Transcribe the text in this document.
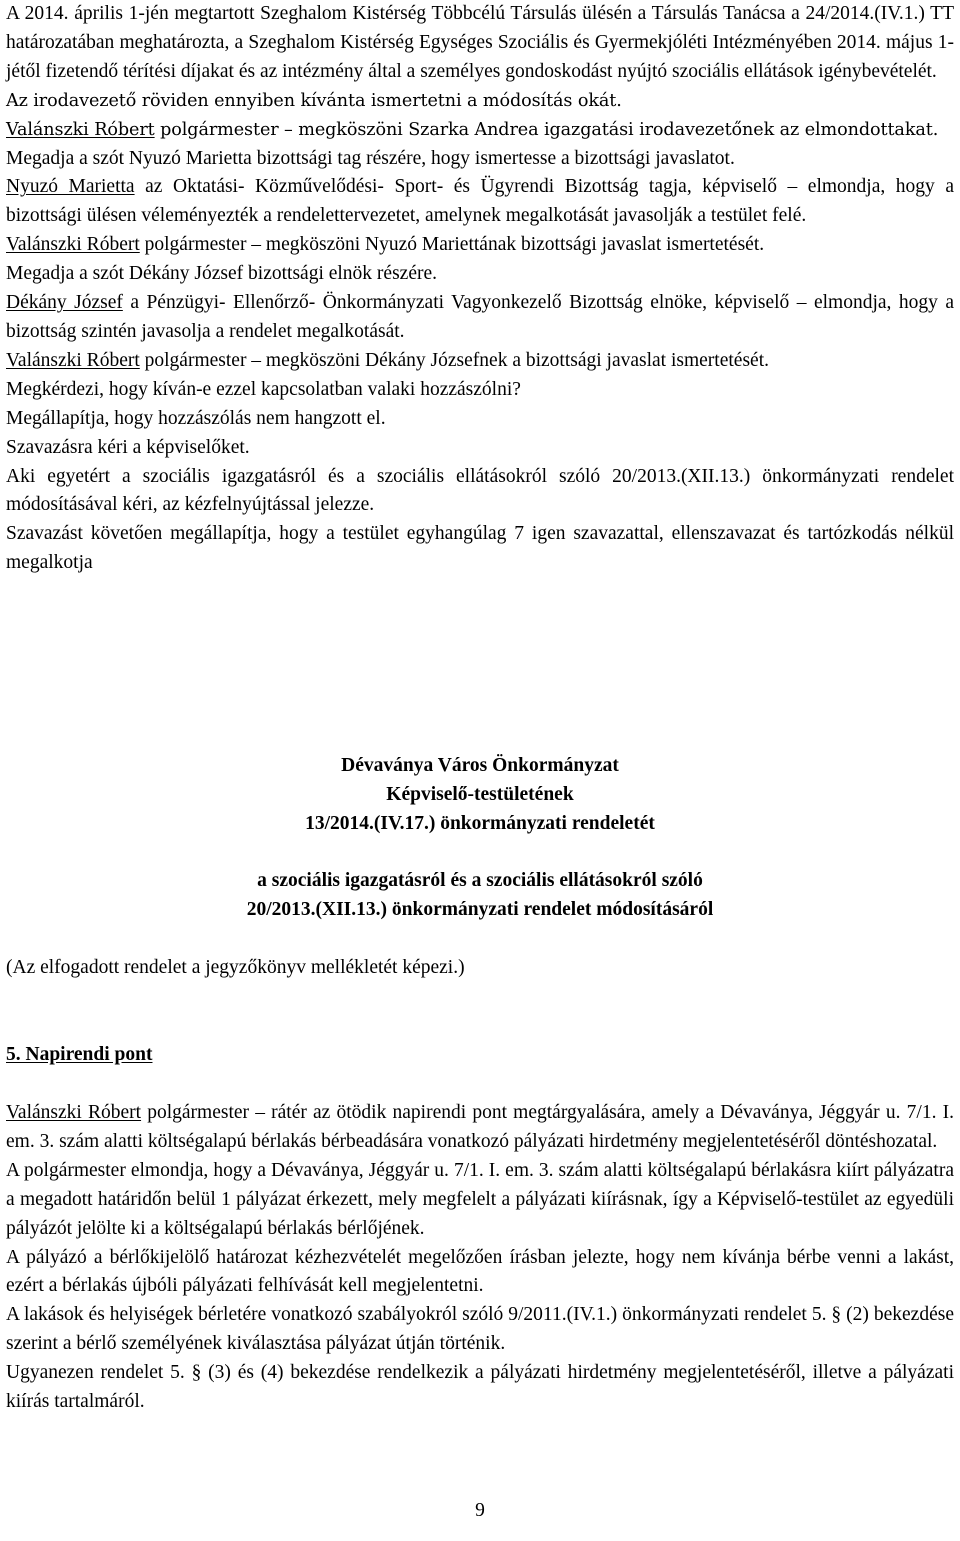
A 2014. április 1-jén megtartott Szeghalom Kistérség Többcélú Társulás ülésén a Társulás Tanácsa a 24/2014.(IV.1.) TT határozatában meghatározta, a Szeghalom Kistérség Egységes Szociális és Gyermekjóléti Intézményében 2014. május 1-jétől fizetendő térítési díjakat és az intézmény által a személyes gondoskodást nyújtó szociális ellátások igénybevételét.

Az irodavezető röviden ennyiben kívánta ismertetni a módosítás okát.

Valánszki Róbert polgármester – megköszöni Szarka Andrea igazgatási irodavezetőnek az elmondottakat.

Megadja a szót Nyuzó Marietta bizottsági tag részére, hogy ismertesse a bizottsági javaslatot.

Nyuzó Marietta az Oktatási- Közművelődési- Sport- és Ügyrendi Bizottság tagja, képviselő – elmondja, hogy a bizottsági ülésen véleményezték a rendelettervezetet, amelynek megalkotását javasolják a testület felé.

Valánszki Róbert polgármester – megköszöni Nyuzó Mariettának bizottsági javaslat ismertetését.

Megadja a szót Dékány József bizottsági elnök részére.

Dékány József a Pénzügyi- Ellenőrző- Önkormányzati Vagyonkezelő Bizottság elnöke, képviselő – elmondja, hogy a bizottság szintén javasolja a rendelet megalkotását.

Valánszki Róbert polgármester – megköszöni Dékány Józsefnek a bizottsági javaslat ismertetését.

Megkérdezi, hogy kíván-e ezzel kapcsolatban valaki hozzászólni?

Megállapítja, hogy hozzászólás nem hangzott el.

Szavazásra kéri a képviselőket.

Aki egyetért a szociális igazgatásról és a szociális ellátásokról szóló 20/2013.(XII.13.) önkormányzati rendelet módosításával kéri, az kézfelnyújtással jelezze.

Szavazást követően megállapítja, hogy a testület egyhangúlag 7 igen szavazattal, ellenszavazat és tartózkodás nélkül megalkotja

Dévaványa Város Önkormányzat

Képviselő-testületének

13/2014.(IV.17.) önkormányzati rendeletét

a szociális igazgatásról és a szociális ellátásokról szóló

20/2013.(XII.13.) önkormányzati rendelet módosításáról

(Az elfogadott rendelet a jegyzőkönyv mellékletét képezi.)

5. Napirendi pont

Valánszki Róbert polgármester – rátér az ötödik napirendi pont megtárgyalására, amely a Dévaványa, Jéggyár u. 7/1. I. em. 3. szám alatti költségalapú bérlakás bérbeadására vonatkozó pályázati hirdetmény megjelentetéséről döntéshozatal.

A polgármester elmondja, hogy a Dévaványa, Jéggyár u. 7/1. I. em. 3. szám alatti költségalapú bérlakásra kiírt pályázatra a megadott határidőn belül 1 pályázat érkezett, mely megfelelt a pályázati kiírásnak, így a Képviselő-testület az egyedüli pályázót jelölte ki a költségalapú bérlakás bérlőjének.

A pályázó a bérlőkijelölő határozat kézhezvételét megelőzően írásban jelezte, hogy nem kívánja bérbe venni a lakást, ezért a bérlakás újbóli pályázati felhívását kell megjelentetni.

A lakások és helyiségek bérletére vonatkozó szabályokról szóló 9/2011.(IV.1.) önkormányzati rendelet 5. § (2) bekezdése szerint a bérlő személyének kiválasztása pályázat útján történik.

Ugyanezen rendelet 5. § (3) és (4) bekezdése rendelkezik a pályázati hirdetmény megjelentetéséről, illetve a pályázati kiírás tartalmáról.

9
